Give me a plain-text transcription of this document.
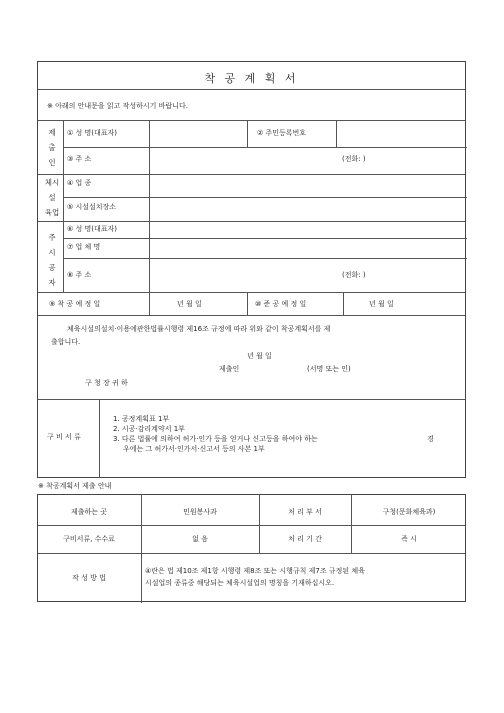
착 공 계 획 서
※ 아래의 안내문을 읽고 작성하시기 바랍니다.
제
출
인
① 성 명(대표자)	② 주민등록번호
③ 주 소	(전화: )
체시
설
육업
④ 업 종
⑤ 시설설치장소
주
시
공
자
⑥ 성 명(대표자)
⑦ 업 체 명
⑧ 주 소	(전화: )
⑨ 착 공 예 정 일	년 월 일	⑩ 준 공 예 정 일	년 월 일
체육시설의설치·이용에관한법률시행령 제16조 규정에 따라 위와 같이 착공계획서를 제
출합니다.
년 월 일
제출인	(서명 또는 인)
구 청 장 귀 하
구 비 서 류
1. 공정계획표 1부
2. 시공·감리계약서 1부
3. 다른 법률에 의하여 허가·인가 등을 얻거나 신고등을 하여야 하는	경
우에는 그 허가서·인가서·신고서 등의 사본 1부
※ 착공계획서 제출 안내
제출하는 곳	민원봉사과	처 리 부 서	구청(문화체육과)
구비서류, 수수료	없 음	처 리 기 간	즉 시
작 성 방 법
④란은 법 제10조 제1항 시행령 제8조 또는 시행규칙 제7조 규정된 체육
시설업의 종류중 해당되는 체육시설업의 명칭을 기재하십시오.
